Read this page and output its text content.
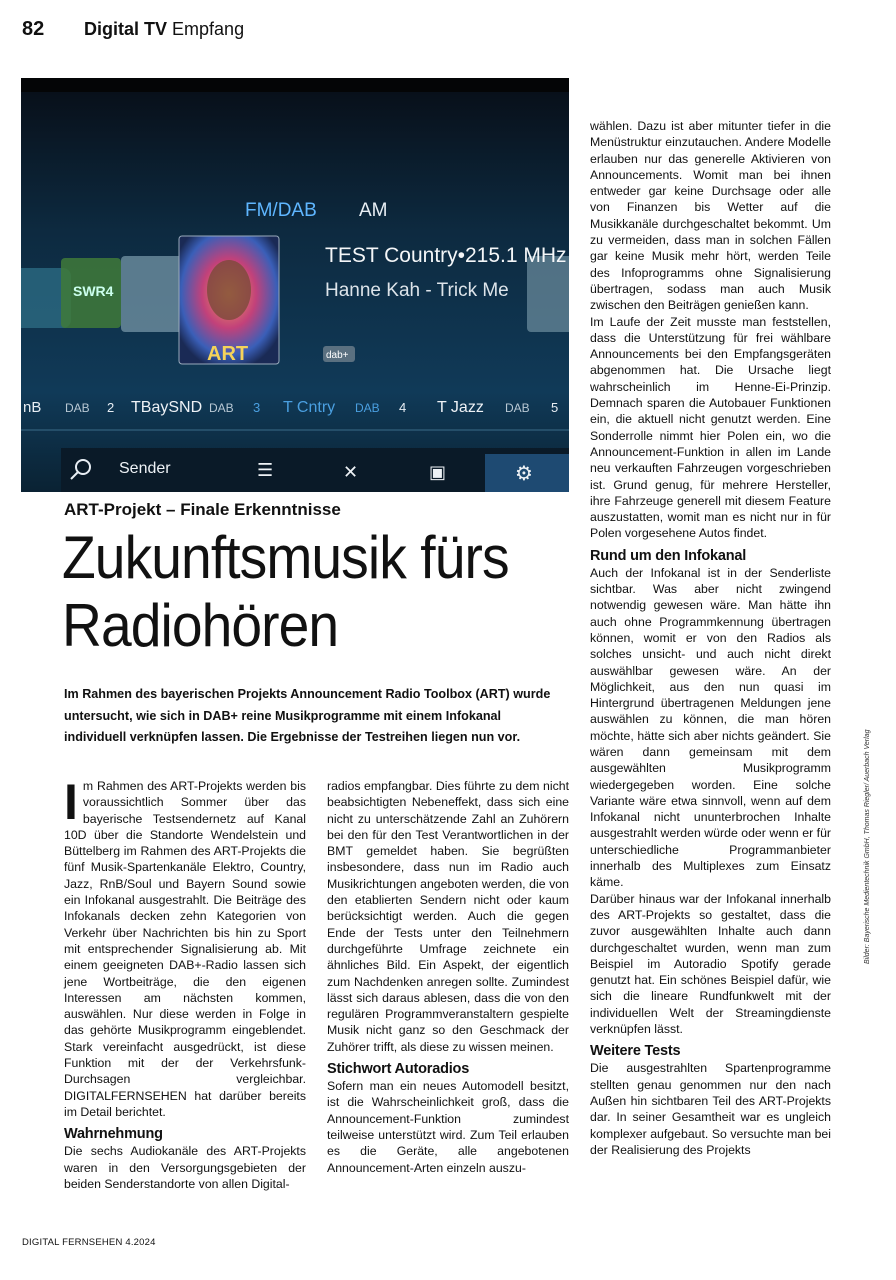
82 Digital TV Empfang
SWR4
ART
FM/DAB AM
TEST Country•215.1 MHz
Hanne Kah - Trick Me
dab+
nB DAB 2 TBaySND DAB 3 T Cntry DAB 4 T Jazz DAB 5
Sender	☰	✕	▣	⚙
ART-Projekt – Finale Erkenntnisse
Zukunftsmusik fürs
Radiohören
Im Rahmen des bayerischen Projekts Announcement Radio Toolbox (ART) wurde untersucht, wie sich in DAB+ reine Musikprogramme mit einem Infokanal individuell verknüpfen lassen. Die Ergebnisse der Testreihen liegen nun vor.

Im Rahmen des ART-Projekts werden bis voraussichtlich Sommer über das bayerische Testsendernetz auf Kanal 10D über die Standorte Wendelstein und Büttelberg im Rahmen des ART-Projekts die fünf Musik-Spartenkanäle Elektro, Country, Jazz, RnB/Soul und Bayern Sound sowie ein Infokanal ausgestrahlt. Die Beiträge des Infokanals decken zehn Kategorien von Verkehr über Nachrichten bis hin zu Sport mit entsprechender Signalisierung ab. Mit einem geeigneten DAB+-Radio lassen sich jene Wortbeiträge, die den eigenen Interessen am nächsten kommen, auswählen. Nur diese werden in Folge in das gehörte Musikprogramm eingeblendet. Stark vereinfacht ausgedrückt, ist diese Funktion mit der der Verkehrsfunk-Durchsagen vergleichbar. DIGITALFERNSEHEN hat darüber bereits im Detail berichtet.

Wahrnehmung

Die sechs Audiokanäle des ART-Projekts waren in den Versorgungsgebieten der beiden Senderstandorte von allen Digital-

radios empfangbar. Dies führte zu dem nicht beabsichtigten Nebeneffekt, dass sich eine nicht zu unterschätzende Zahl an Zuhörern bei den für den Test Verantwortlichen in der BMT gemeldet haben. Sie begrüßten insbesondere, dass nun im Radio auch Musikrichtungen angeboten werden, die von den etablierten Sendern nicht oder kaum berücksichtigt werden. Auch die gegen Ende der Tests unter den Teilnehmern durchgeführte Umfrage zeichnete ein ähnliches Bild. Ein Aspekt, der eigentlich zum Nachdenken anregen sollte. Zumindest lässt sich daraus ablesen, dass die von den regulären Programmveranstaltern gespielte Musik nicht ganz so den Geschmack der Zuhörer trifft, als diese zu wissen meinen.

Stichwort Autoradios

Sofern man ein neues Automodell besitzt, ist die Wahrscheinlichkeit groß, dass die Announcement-Funktion zumindest teilweise unterstützt wird. Zum Teil erlauben es die Geräte, alle angebotenen Announcement-Arten einzeln auszu-

wählen. Dazu ist aber mitunter tiefer in die Menüstruktur einzutauchen. Andere Modelle erlauben nur das generelle Aktivieren von Announcements. Womit man bei ihnen entweder gar keine Durchsage oder alle von Finanzen bis Wetter auf die Musikkanäle durchgeschaltet bekommt. Um zu vermeiden, dass man in solchen Fällen gar keine Musik mehr hört, werden Teile des Infoprogramms ohne Signalisierung übertragen, sodass man auch Musik zwischen den Beiträgen genießen kann.

Im Laufe der Zeit musste man feststellen, dass die Unterstützung für frei wählbare Announcements bei den Empfangsgeräten abgenommen hat. Die Ursache liegt wahrscheinlich im Henne-Ei-Prinzip. Demnach sparen die Autobauer Funktionen ein, die aktuell nicht genutzt werden. Eine Sonderrolle nimmt hier Polen ein, wo die Announcement-Funktion in allen im Lande neu verkauften Fahrzeugen vorgeschrieben ist. Grund genug, für mehrere Hersteller, ihre Fahrzeuge generell mit diesem Feature auszustatten, womit man es nicht nur in für Polen vorgesehene Autos findet.

Rund um den Infokanal

Auch der Infokanal ist in der Senderliste sichtbar. Was aber nicht zwingend notwendig gewesen wäre. Man hätte ihn auch ohne Programmkennung übertragen können, womit er von den Radios als solches unsicht- und auch nicht direkt auswählbar gewesen wäre. An der Möglichkeit, aus den nun quasi im Hintergrund übertragenen Meldungen jene auswählen zu können, die man hören möchte, hätte sich aber nichts geändert. Sie wären dann gemeinsam mit dem ausgewählten Musikprogramm wiedergegeben worden. Eine solche Variante wäre etwa sinnvoll, wenn auf dem Infokanal nicht ununterbrochen Inhalte ausgestrahlt werden würde oder wenn er für unterschiedliche Programmanbieter innerhalb des Multiplexes zum Einsatz käme.

Darüber hinaus war der Infokanal innerhalb des ART-Projekts so gestaltet, dass die zuvor ausgewählten Inhalte auch dann durchgeschaltet wurden, wenn man zum Beispiel im Autoradio Spotify gerade genutzt hat. Ein schönes Beispiel dafür, wie sich die lineare Rundfunkwelt mit der individuellen Welt der Streamingdienste verknüpfen lässt.

Weitere Tests

Die ausgestrahlten Spartenprogramme stellten genau genommen nur den nach Außen hin sichtbaren Teil des ART-Projekts dar. In seiner Gesamtheit war es ungleich komplexer aufgebaut. So versuchte man bei der Realisierung des Projekts

DIGITAL FERNSEHEN 4.2024
Bilder: Bayerische Medientechnik GmbH, Thomas Riegler/ Auerbach Verlag
